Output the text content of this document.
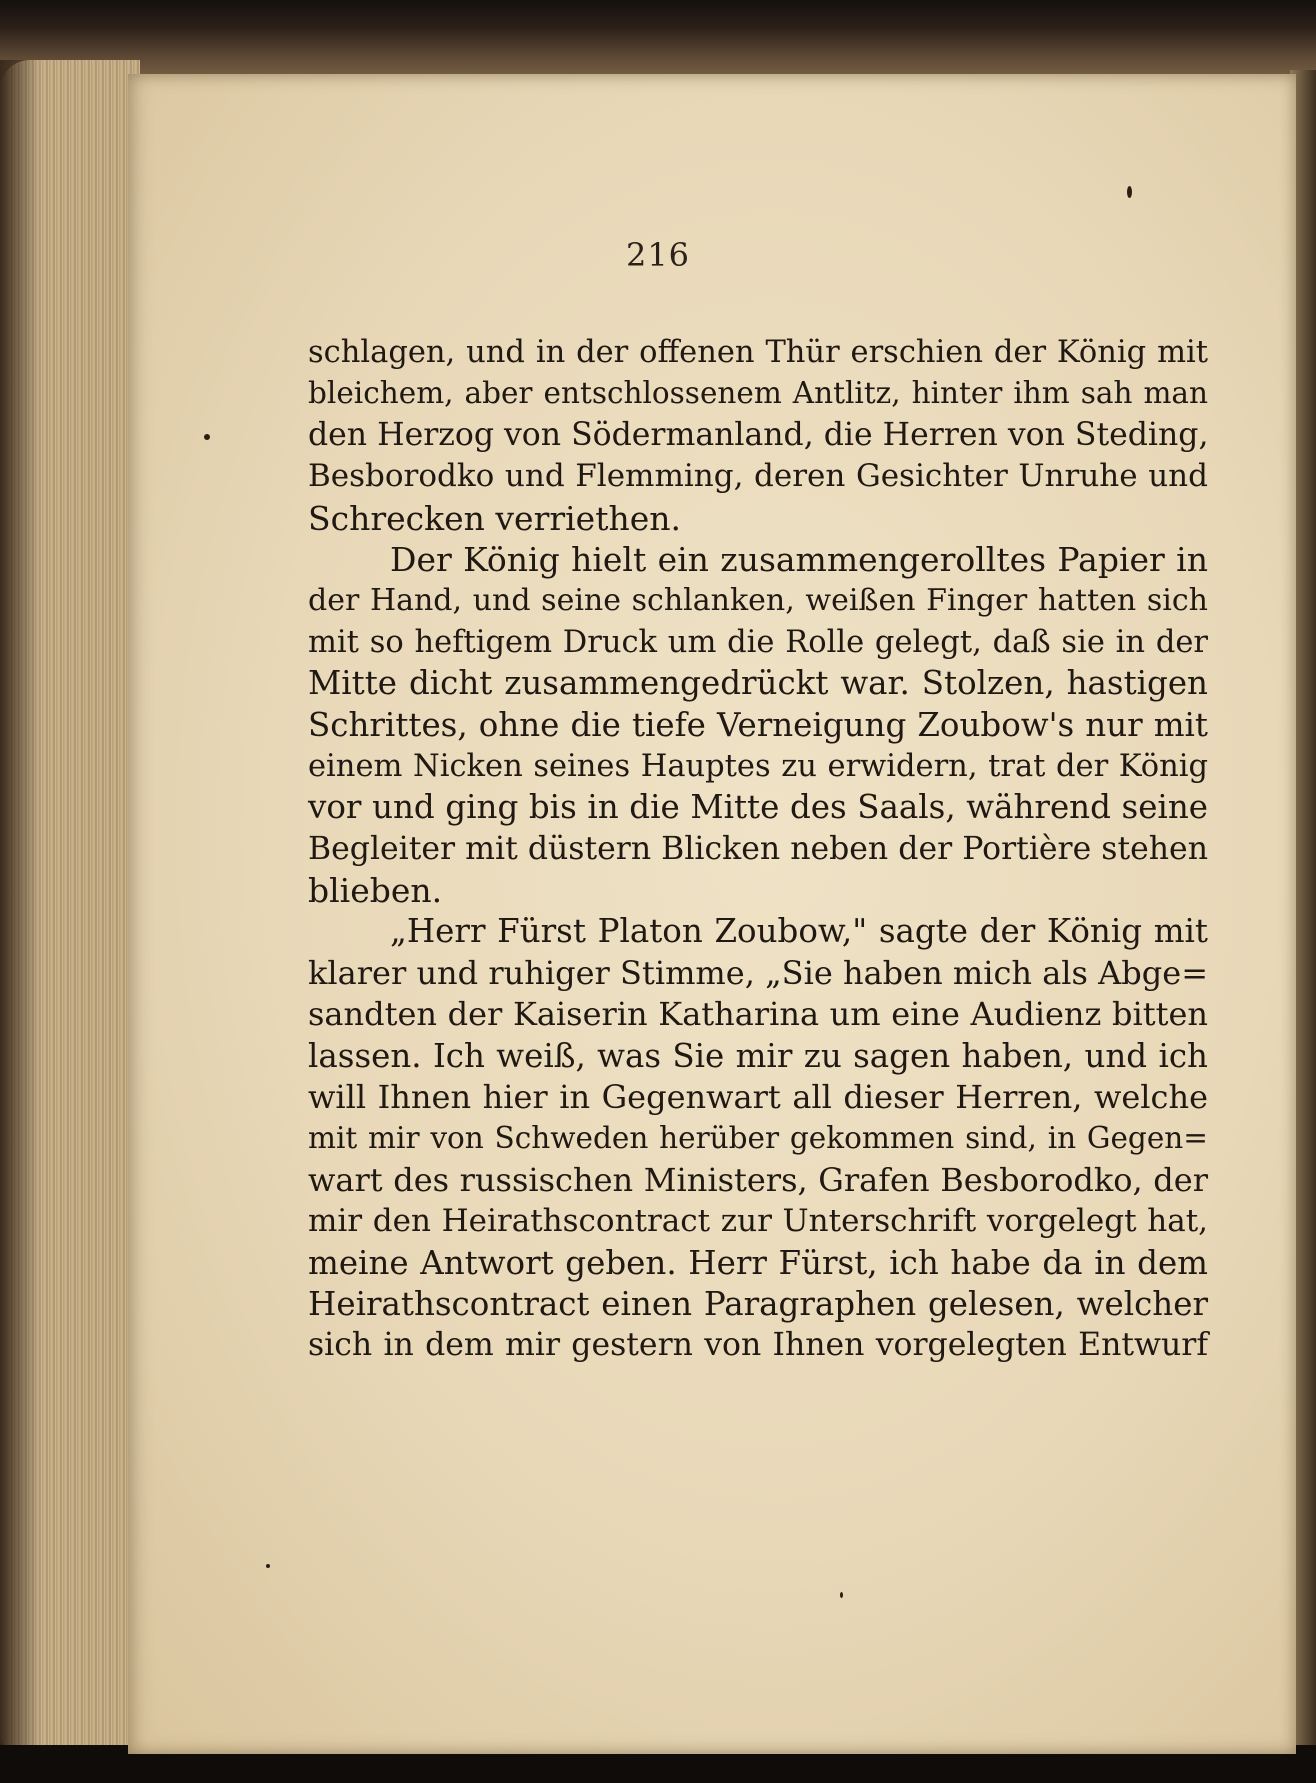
216
schlagen, und in der offenen Thür erschien der König mit
bleichem, aber entschlossenem Antlitz, hinter ihm sah man
den Herzog von Södermanland, die Herren von Steding,
Besborodko und Flemming, deren Gesichter Unruhe und
Schrecken verriethen.
Der König hielt ein zusammengerolltes Papier in
der Hand, und seine schlanken, weißen Finger hatten sich
mit so heftigem Druck um die Rolle gelegt, daß sie in der
Mitte dicht zusammengedrückt war. Stolzen, hastigen
Schrittes, ohne die tiefe Verneigung Zoubow's nur mit
einem Nicken seines Hauptes zu erwidern, trat der König
vor und ging bis in die Mitte des Saals, während seine
Begleiter mit düstern Blicken neben der Portière stehen
blieben.
„Herr Fürst Platon Zoubow," sagte der König mit
klarer und ruhiger Stimme, „Sie haben mich als Abge=
sandten der Kaiserin Katharina um eine Audienz bitten
lassen. Ich weiß, was Sie mir zu sagen haben, und ich
will Ihnen hier in Gegenwart all dieser Herren, welche
mit mir von Schweden herüber gekommen sind, in Gegen=
wart des russischen Ministers, Grafen Besborodko, der
mir den Heirathscontract zur Unterschrift vorgelegt hat,
meine Antwort geben. Herr Fürst, ich habe da in dem
Heirathscontract einen Paragraphen gelesen, welcher
sich in dem mir gestern von Ihnen vorgelegten Entwurf
